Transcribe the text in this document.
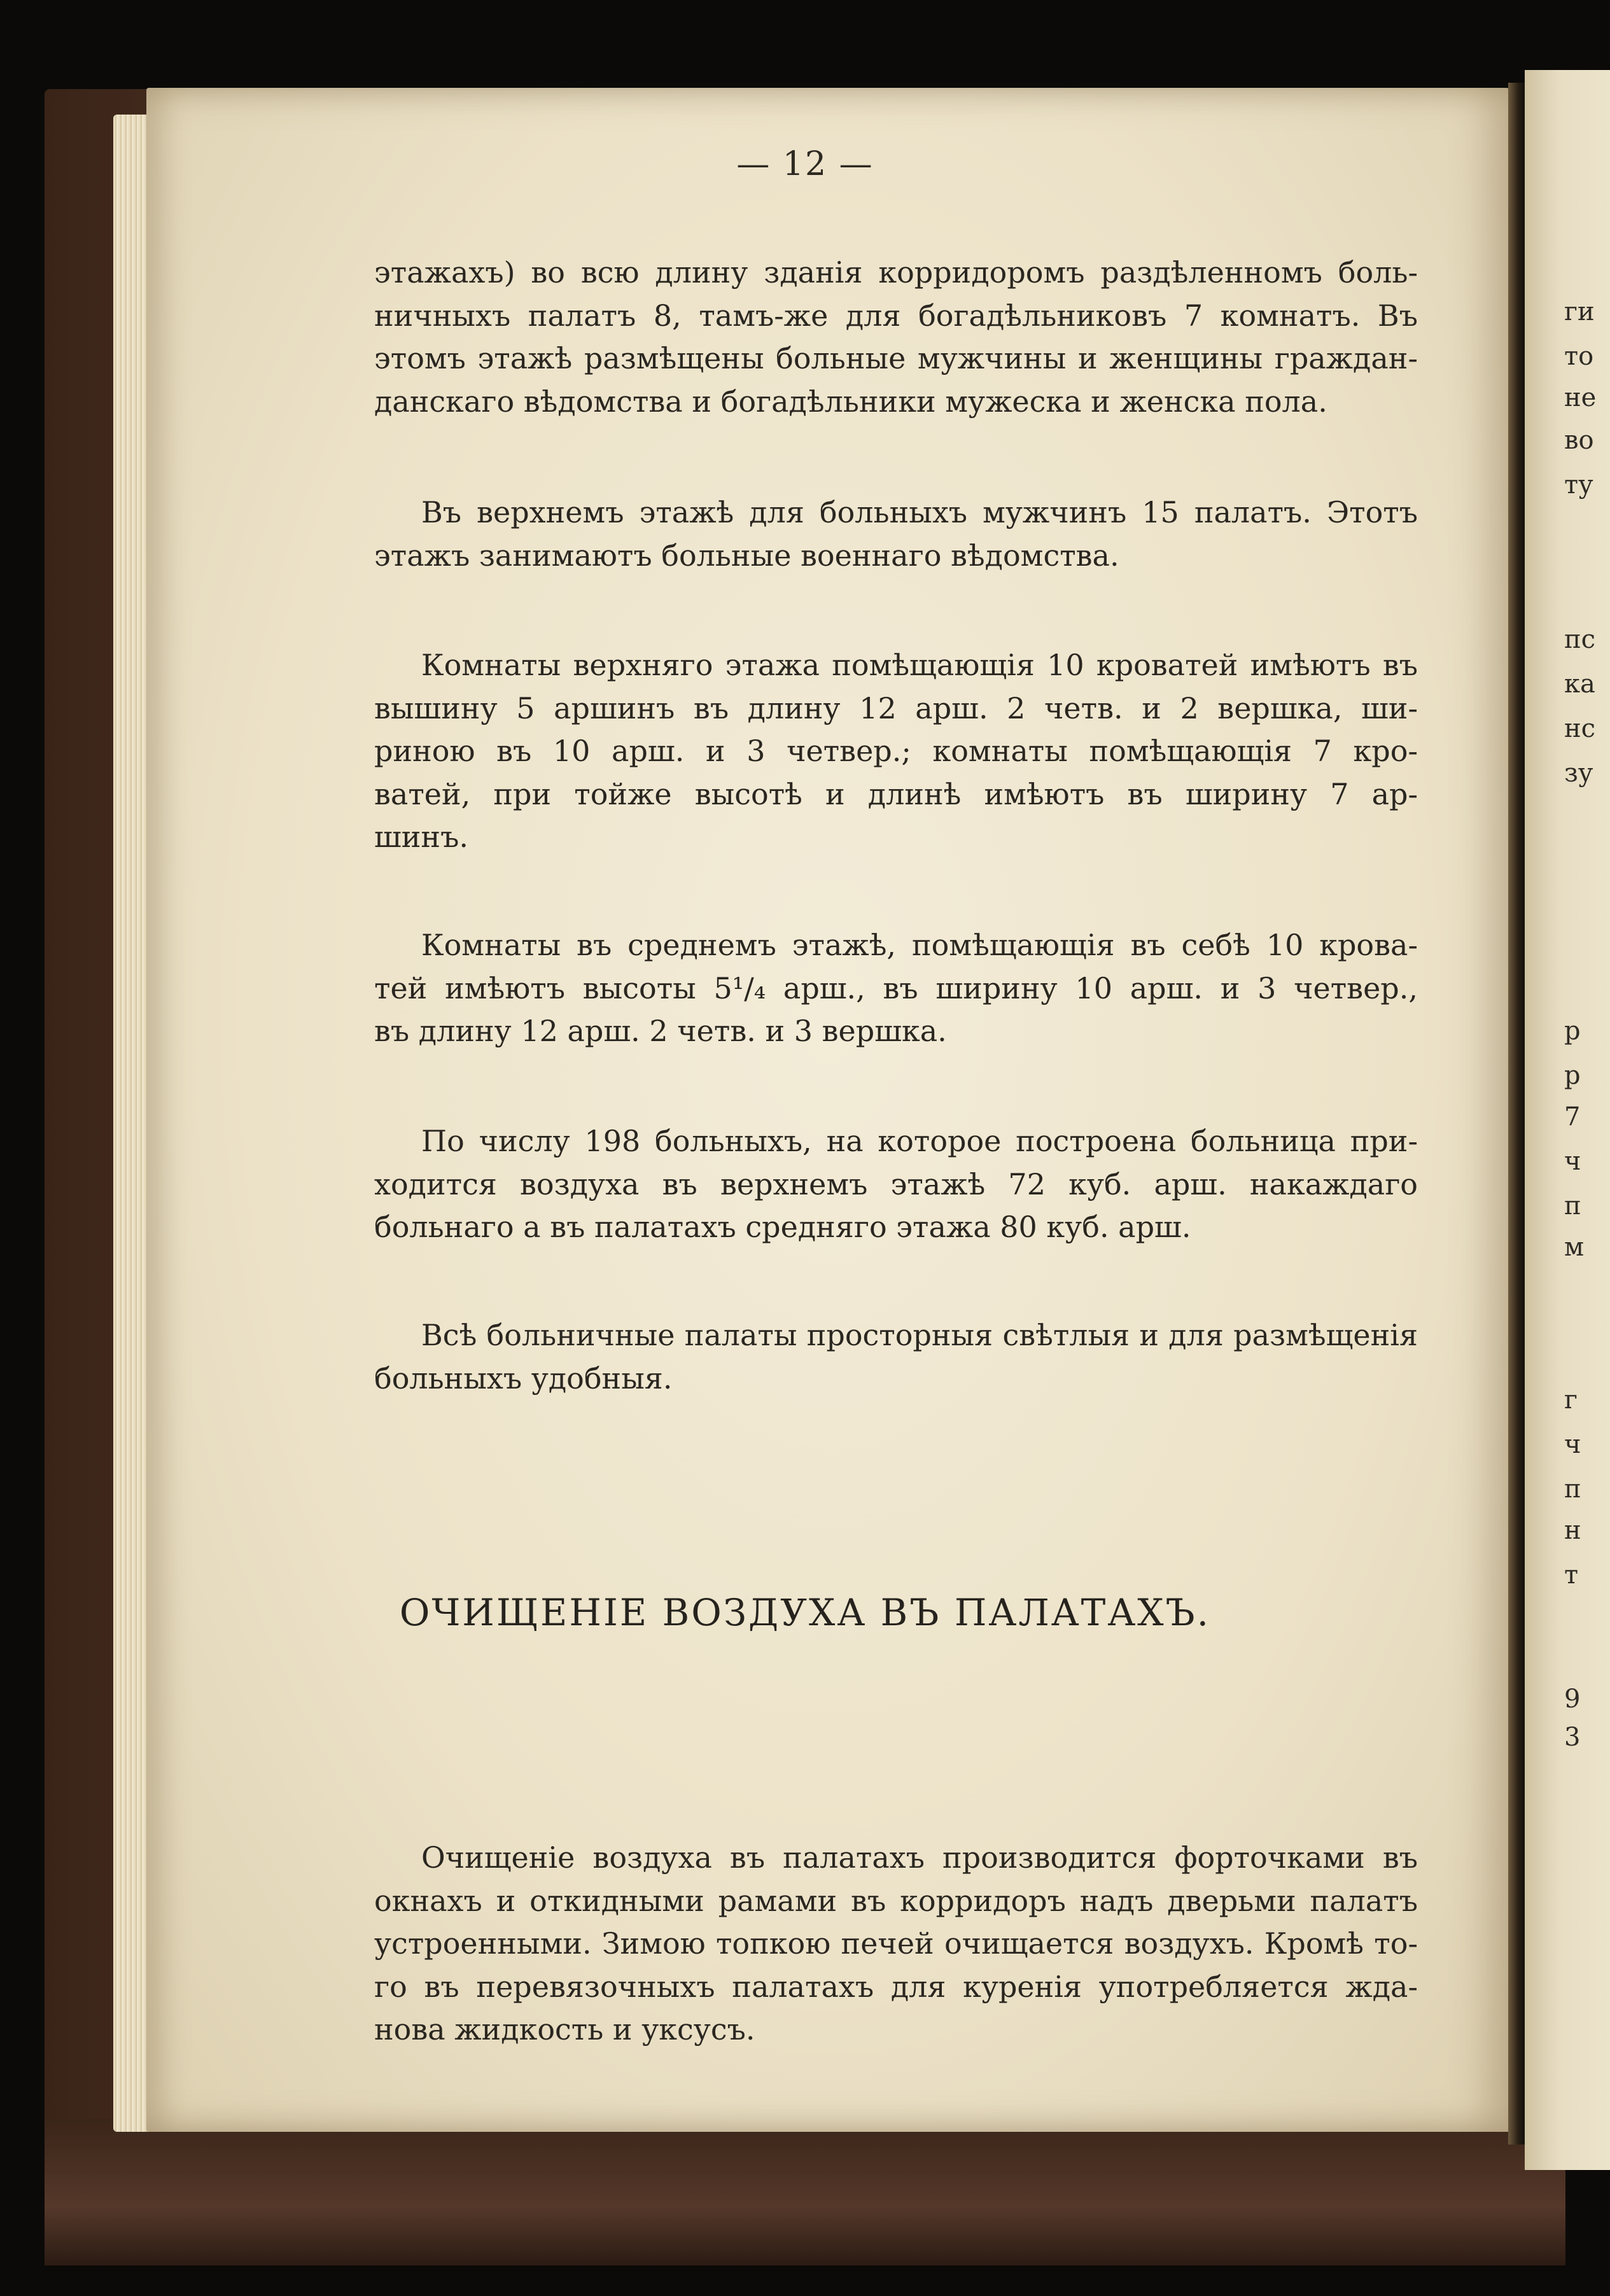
ги
то
не
во
ту
пс
ка
нс
зу
р
р
7
ч
п
м
г
ч
п
н
т
9
3
— 12 —
этажахъ) во всю длину зданія корридоромъ раздѣленномъ боль-
ничныхъ палатъ 8, тамъ-же для богадѣльниковъ 7 комнатъ. Въ
этомъ этажѣ размѣщены больные мужчины и женщины граждан-
данскаго вѣдомства и богадѣльники мужеска и женска пола.
Въ верхнемъ этажѣ для больныхъ мужчинъ 15 палатъ. Этотъ
этажъ занимаютъ больные военнаго вѣдомства.
Комнаты верхняго этажа помѣщающія 10 кроватей имѣютъ въ
вышину 5 аршинъ въ длину 12 арш. 2 четв. и 2 вершка, ши-
риною въ 10 арш. и 3 четвер.; комнаты помѣщающія 7 кро-
ватей, при тойже высотѣ и длинѣ имѣютъ въ ширину 7 ар-
шинъ.
Комнаты въ среднемъ этажѣ, помѣщающія въ себѣ 10 крова-
тей имѣютъ высоты 5¹/₄ арш., въ ширину 10 арш. и 3 четвер.,
въ длину 12 арш. 2 четв. и 3 вершка.
По числу 198 больныхъ, на которое построена больница при-
ходится воздуха въ верхнемъ этажѣ 72 куб. арш. накаждаго
больнаго а въ палатахъ средняго этажа 80 куб. арш.
Всѣ больничные палаты просторныя свѣтлыя и для размѣщенія
больныхъ удобныя.
ОЧИЩЕНІЕ ВОЗДУХА ВЪ ПАЛАТАХЪ.
Очищеніе воздуха въ палатахъ производится форточками въ
окнахъ и откидными рамами въ корридоръ надъ дверьми палатъ
устроенными. Зимою топкою печей очищается воздухъ. Кромѣ то-
го въ перевязочныхъ палатахъ для куренія употребляется жда-
нова жидкость и уксусъ.
